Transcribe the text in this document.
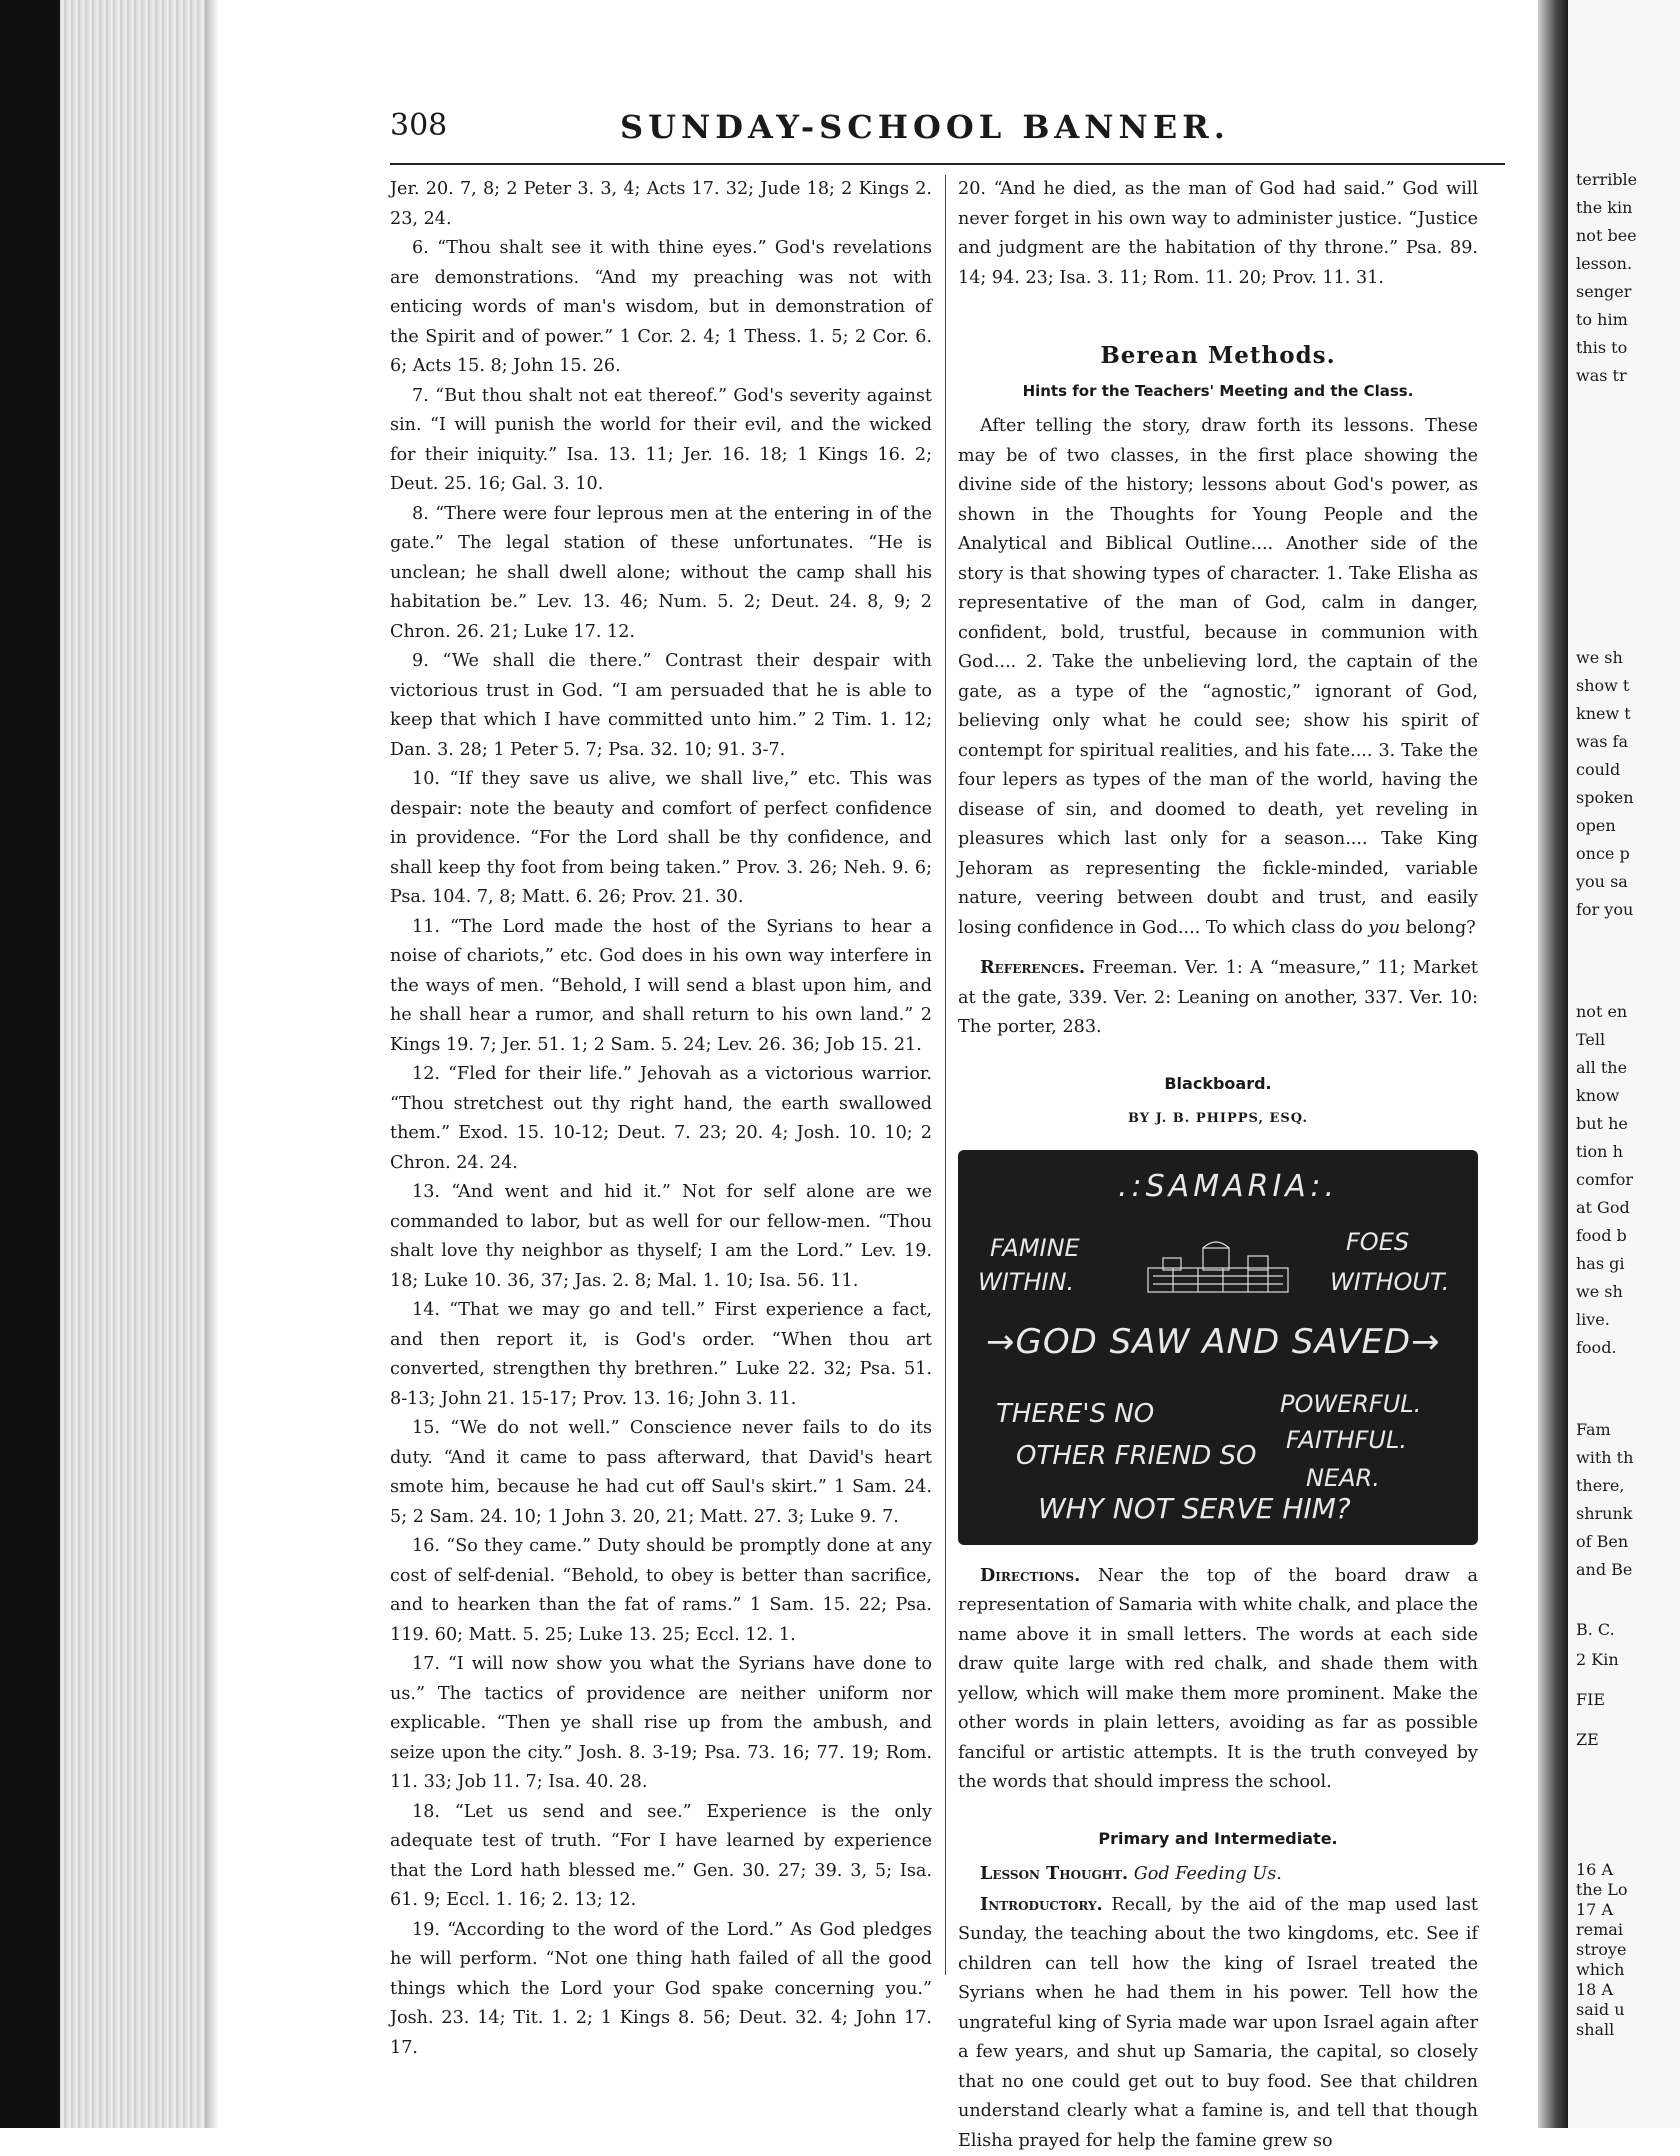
308	SUNDAY-SCHOOL BANNER.

Jer. 20. 7, 8; 2 Peter 3. 3, 4; Acts 17. 32; Jude 18; 2 Kings 2. 23, 24.

6. “Thou shalt see it with thine eyes.” God's revelations are demonstrations. “And my preaching was not with enticing words of man's wisdom, but in demonstration of the Spirit and of power.” 1 Cor. 2. 4; 1 Thess. 1. 5; 2 Cor. 6. 6; Acts 15. 8; John 15. 26.

7. “But thou shalt not eat thereof.” God's severity against sin. “I will punish the world for their evil, and the wicked for their iniquity.” Isa. 13. 11; Jer. 16. 18; 1 Kings 16. 2; Deut. 25. 16; Gal. 3. 10.

8. “There were four leprous men at the entering in of the gate.” The legal station of these unfortunates. “He is unclean; he shall dwell alone; without the camp shall his habitation be.” Lev. 13. 46; Num. 5. 2; Deut. 24. 8, 9; 2 Chron. 26. 21; Luke 17. 12.

9. “We shall die there.” Contrast their despair with victorious trust in God. “I am persuaded that he is able to keep that which I have committed unto him.” 2 Tim. 1. 12; Dan. 3. 28; 1 Peter 5. 7; Psa. 32. 10; 91. 3-7.

10. “If they save us alive, we shall live,” etc. This was despair: note the beauty and comfort of perfect confidence in providence. “For the Lord shall be thy confidence, and shall keep thy foot from being taken.” Prov. 3. 26; Neh. 9. 6; Psa. 104. 7, 8; Matt. 6. 26; Prov. 21. 30.

11. “The Lord made the host of the Syrians to hear a noise of chariots,” etc. God does in his own way interfere in the ways of men. “Behold, I will send a blast upon him, and he shall hear a rumor, and shall return to his own land.” 2 Kings 19. 7; Jer. 51. 1; 2 Sam. 5. 24; Lev. 26. 36; Job 15. 21.

12. “Fled for their life.” Jehovah as a victorious warrior. “Thou stretchest out thy right hand, the earth swallowed them.” Exod. 15. 10-12; Deut. 7. 23; 20. 4; Josh. 10. 10; 2 Chron. 24. 24.

13. “And went and hid it.” Not for self alone are we commanded to labor, but as well for our fellow-men. “Thou shalt love thy neighbor as thyself; I am the Lord.” Lev. 19. 18; Luke 10. 36, 37; Jas. 2. 8; Mal. 1. 10; Isa. 56. 11.

14. “That we may go and tell.” First experience a fact, and then report it, is God's order. “When thou art converted, strengthen thy brethren.” Luke 22. 32; Psa. 51. 8-13; John 21. 15-17; Prov. 13. 16; John 3. 11.

15. “We do not well.” Conscience never fails to do its duty. “And it came to pass afterward, that David's heart smote him, because he had cut off Saul's skirt.” 1 Sam. 24. 5; 2 Sam. 24. 10; 1 John 3. 20, 21; Matt. 27. 3; Luke 9. 7.

16. “So they came.” Duty should be promptly done at any cost of self-denial. “Behold, to obey is better than sacrifice, and to hearken than the fat of rams.” 1 Sam. 15. 22; Psa. 119. 60; Matt. 5. 25; Luke 13. 25; Eccl. 12. 1.

17. “I will now show you what the Syrians have done to us.” The tactics of providence are neither uniform nor explicable. “Then ye shall rise up from the ambush, and seize upon the city.” Josh. 8. 3-19; Psa. 73. 16; 77. 19; Rom. 11. 33; Job 11. 7; Isa. 40. 28.

18. “Let us send and see.” Experience is the only adequate test of truth. “For I have learned by experience that the Lord hath blessed me.” Gen. 30. 27; 39. 3, 5; Isa. 61. 9; Eccl. 1. 16; 2. 13; 12.

19. “According to the word of the Lord.” As God pledges he will perform. “Not one thing hath failed of all the good things which the Lord your God spake concerning you.” Josh. 23. 14; Tit. 1. 2; 1 Kings 8. 56; Deut. 32. 4; John 17. 17.

20. “And he died, as the man of God had said.” God will never forget in his own way to administer justice. “Justice and judgment are the habitation of thy throne.” Psa. 89. 14; 94. 23; Isa. 3. 11; Rom. 11. 20; Prov. 11. 31.

Berean Methods.
Hints for the Teachers' Meeting and the Class.

After telling the story, draw forth its lessons. These may be of two classes, in the first place showing the divine side of the history; lessons about God's power, as shown in the Thoughts for Young People and the Analytical and Biblical Outline.... Another side of the story is that showing types of character. 1. Take Elisha as representative of the man of God, calm in danger, confident, bold, trustful, because in communion with God.... 2. Take the unbelieving lord, the captain of the gate, as a type of the “agnostic,” ignorant of God, believing only what he could see; show his spirit of contempt for spiritual realities, and his fate.... 3. Take the four lepers as types of the man of the world, having the disease of sin, and doomed to death, yet reveling in pleasures which last only for a season.... Take King Jehoram as representing the fickle-minded, variable nature, veering between doubt and trust, and easily losing confidence in God.... To which class do you belong?

References. Freeman. Ver. 1: A “measure,” 11; Market at the gate, 339. Ver. 2: Leaning on another, 337. Ver. 10: The porter, 283.

Blackboard.
BY J. B. PHIPPS, ESQ.
.:SAMARIA:.
FAMINE
WITHIN.
FOES
WITHOUT.
→GOD SAW AND SAVED→
THERE'S NO
OTHER FRIEND SO
POWERFUL.
FAITHFUL.
NEAR.
WHY NOT SERVE HIM?

Directions. Near the top of the board draw a representation of Samaria with white chalk, and place the name above it in small letters. The words at each side draw quite large with red chalk, and shade them with yellow, which will make them more prominent. Make the other words in plain letters, avoiding as far as possible fanciful or artistic attempts. It is the truth conveyed by the words that should impress the school.

Primary and Intermediate.

Lesson Thought. God Feeding Us.

Introductory. Recall, by the aid of the map used last Sunday, the teaching about the two kingdoms, etc. See if children can tell how the king of Israel treated the Syrians when he had them in his power. Tell how the ungrateful king of Syria made war upon Israel again after a few years, and shut up Samaria, the capital, so closely that no one could get out to buy food. See that children understand clearly what a famine is, and tell that though Elisha prayed for help the famine grew so

terrible
the kin
not bee
lesson.
senger
to him
this to
was tr
we sh
show t
knew t
was fa
could
spoken
open
once p
you sa
for you
not en
Tell
all the
know
but he
tion h
comfor
at God
food b
has gi
we sh
live.
food.
Fam
with th
there,
shrunk
of Ben
and Be
B. C.
2 Kin
FIE
ZE
16 A
the Lo
17 A
remai
stroye
which
18 A
said u
shall
